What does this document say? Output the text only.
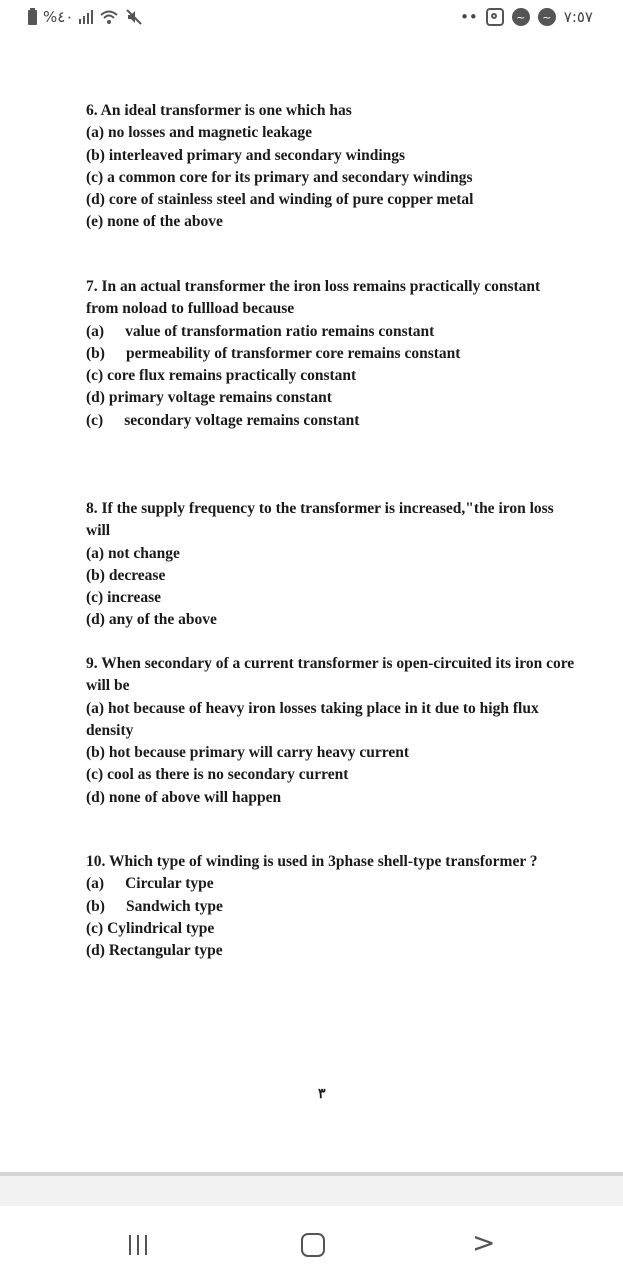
%٤٠	••	~	~ ٧:٥٧

6. An ideal transformer is one which has

(a) no losses and magnetic leakage

(b) interleaved primary and secondary windings

(c) a common core for its primary and secondary windings

(d) core of stainless steel and winding of pure copper metal

(e) none of the above

7. In an actual transformer the iron loss remains practically constant

from noload to fullload because

(a) value of transformation ratio remains constant

(b) permeability of transformer core remains constant

(c) core flux remains practically constant

(d) primary voltage remains constant

(c) secondary voltage remains constant

8. If the supply frequency to the transformer is increased,"the iron loss

will

(a) not change

(b) decrease

(c) increase

(d) any of the above

9. When secondary of a current transformer is open-circuited its iron core

will be

(a) hot because of heavy iron losses taking place in it due to high flux

density

(b) hot because primary will carry heavy current

(c) cool as there is no secondary current

(d) none of above will happen

10. Which type of winding is used in 3phase shell-type transformer ?

(a) Circular type

(b) Sandwich type

(c) Cylindrical type

(d) Rectangular type

٣
>
